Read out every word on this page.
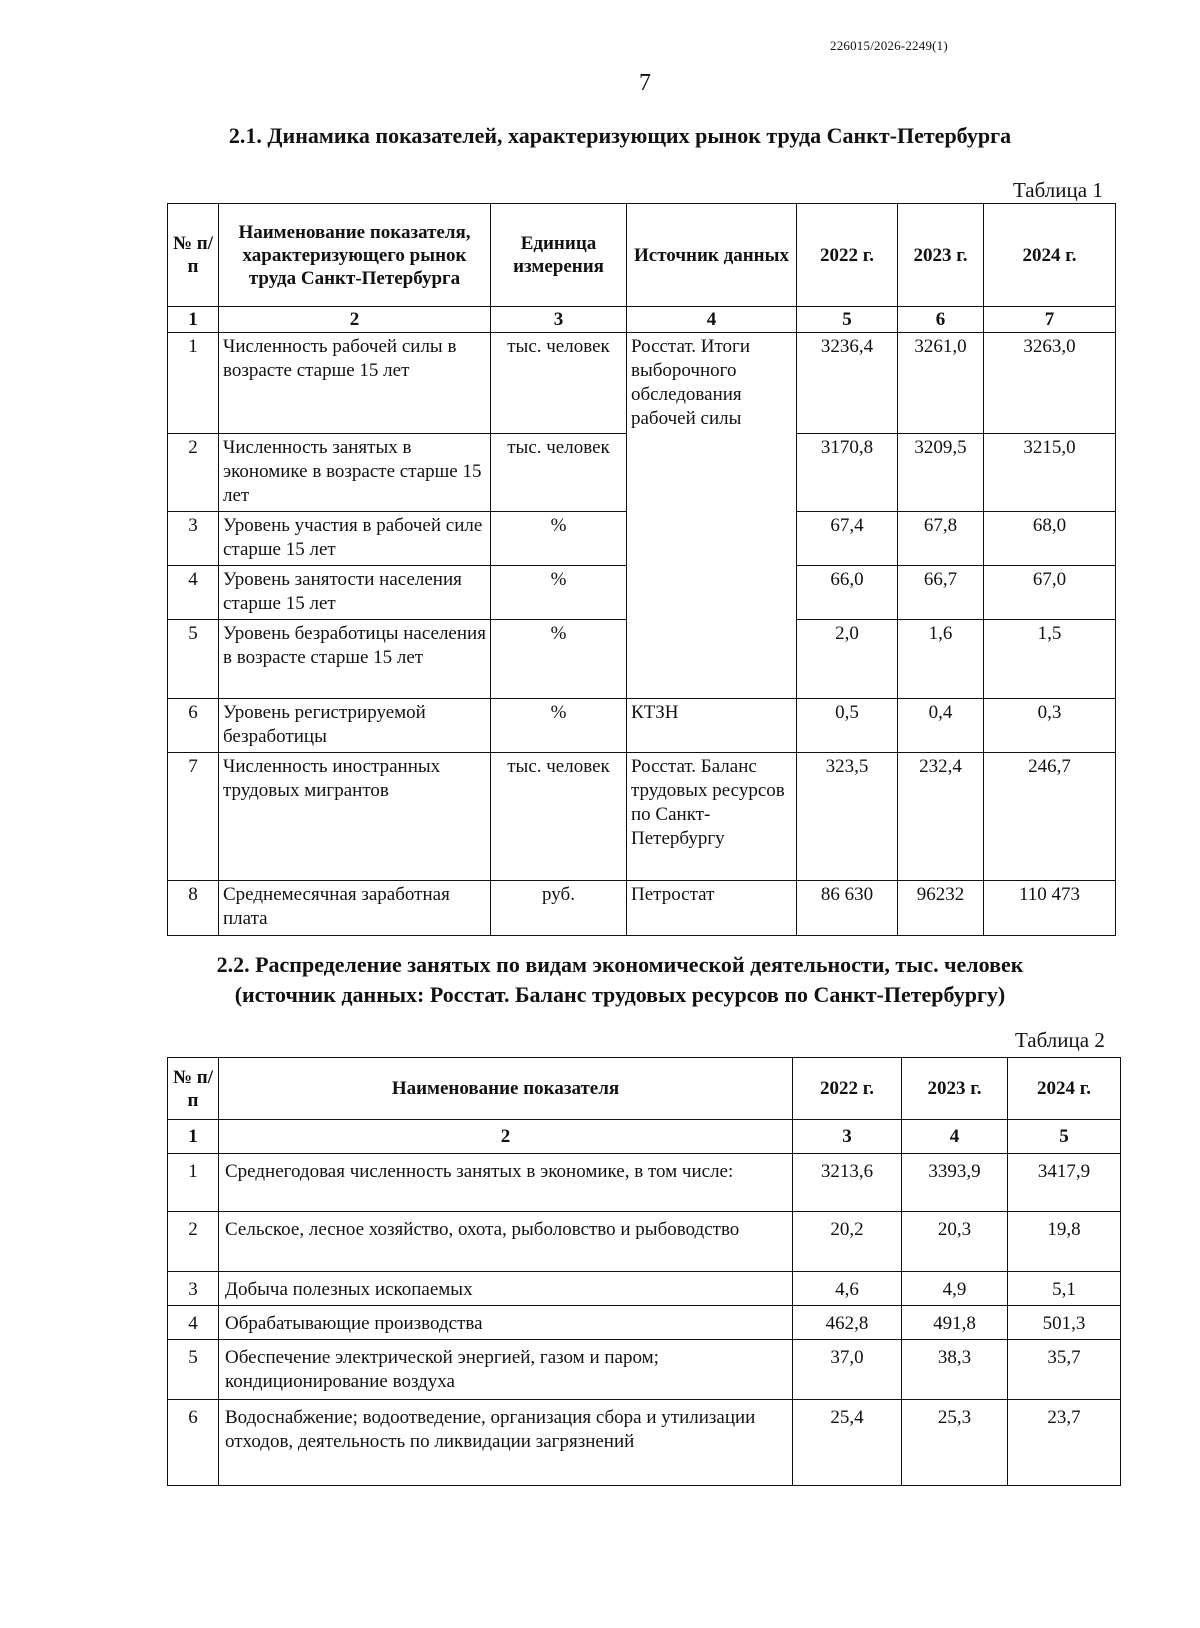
226015/2026-2249(1)
7
2.1. Динамика показателей, характеризующих рынок труда Санкт-Петербурга
Таблица 1
№ п/п	Наименование показателя, характеризующего рынок труда Санкт-Петербурга	Единица измерения	Источник данных	2022 г.	2023 г.	2024 г.
1	2	3	4	5	6	7
1	Численность рабочей силы в возрасте старше 15 лет	тыс. человек	Росстат. Итоги выборочного обследования рабочей силы	3236,4	3261,0	3263,0
2	Численность занятых в экономике в возрасте старше 15 лет	тыс. человек		3170,8	3209,5	3215,0
3	Уровень участия в рабочей силе старше 15 лет	%		67,4	67,8	68,0
4	Уровень занятости населения старше 15 лет	%		66,0	66,7	67,0
5	Уровень безработицы населения в возрасте старше 15 лет	%		2,0	1,6	1,5
6	Уровень регистрируемой безработицы	%	КТЗН	0,5	0,4	0,3
7	Численность иностранных трудовых мигрантов	тыс. человек	Росстат. Баланс трудовых ресурсов по Санкт-Петербургу	323,5	232,4	246,7
8	Среднемесячная заработная плата	руб.	Петростат	86 630	96232	110 473
2.2. Распределение занятых по видам экономической деятельности, тыс. человек
(источник данных: Росстат. Баланс трудовых ресурсов по Санкт-Петербургу)
Таблица 2
№ п/п	Наименование показателя	2022 г.	2023 г.	2024 г.
1	2	3	4	5
1	Среднегодовая численность занятых в экономике, в том числе:	3213,6	3393,9	3417,9
2	Сельское, лесное хозяйство, охота, рыболовство и рыбоводство	20,2	20,3	19,8
3	Добыча полезных ископаемых	4,6	4,9	5,1
4	Обрабатывающие производства	462,8	491,8	501,3
5	Обеспечение электрической энергией, газом и паром; кондиционирование воздуха	37,0	38,3	35,7
6	Водоснабжение; водоотведение, организация сбора и утилизации отходов, деятельность по ликвидации загрязнений	25,4	25,3	23,7
